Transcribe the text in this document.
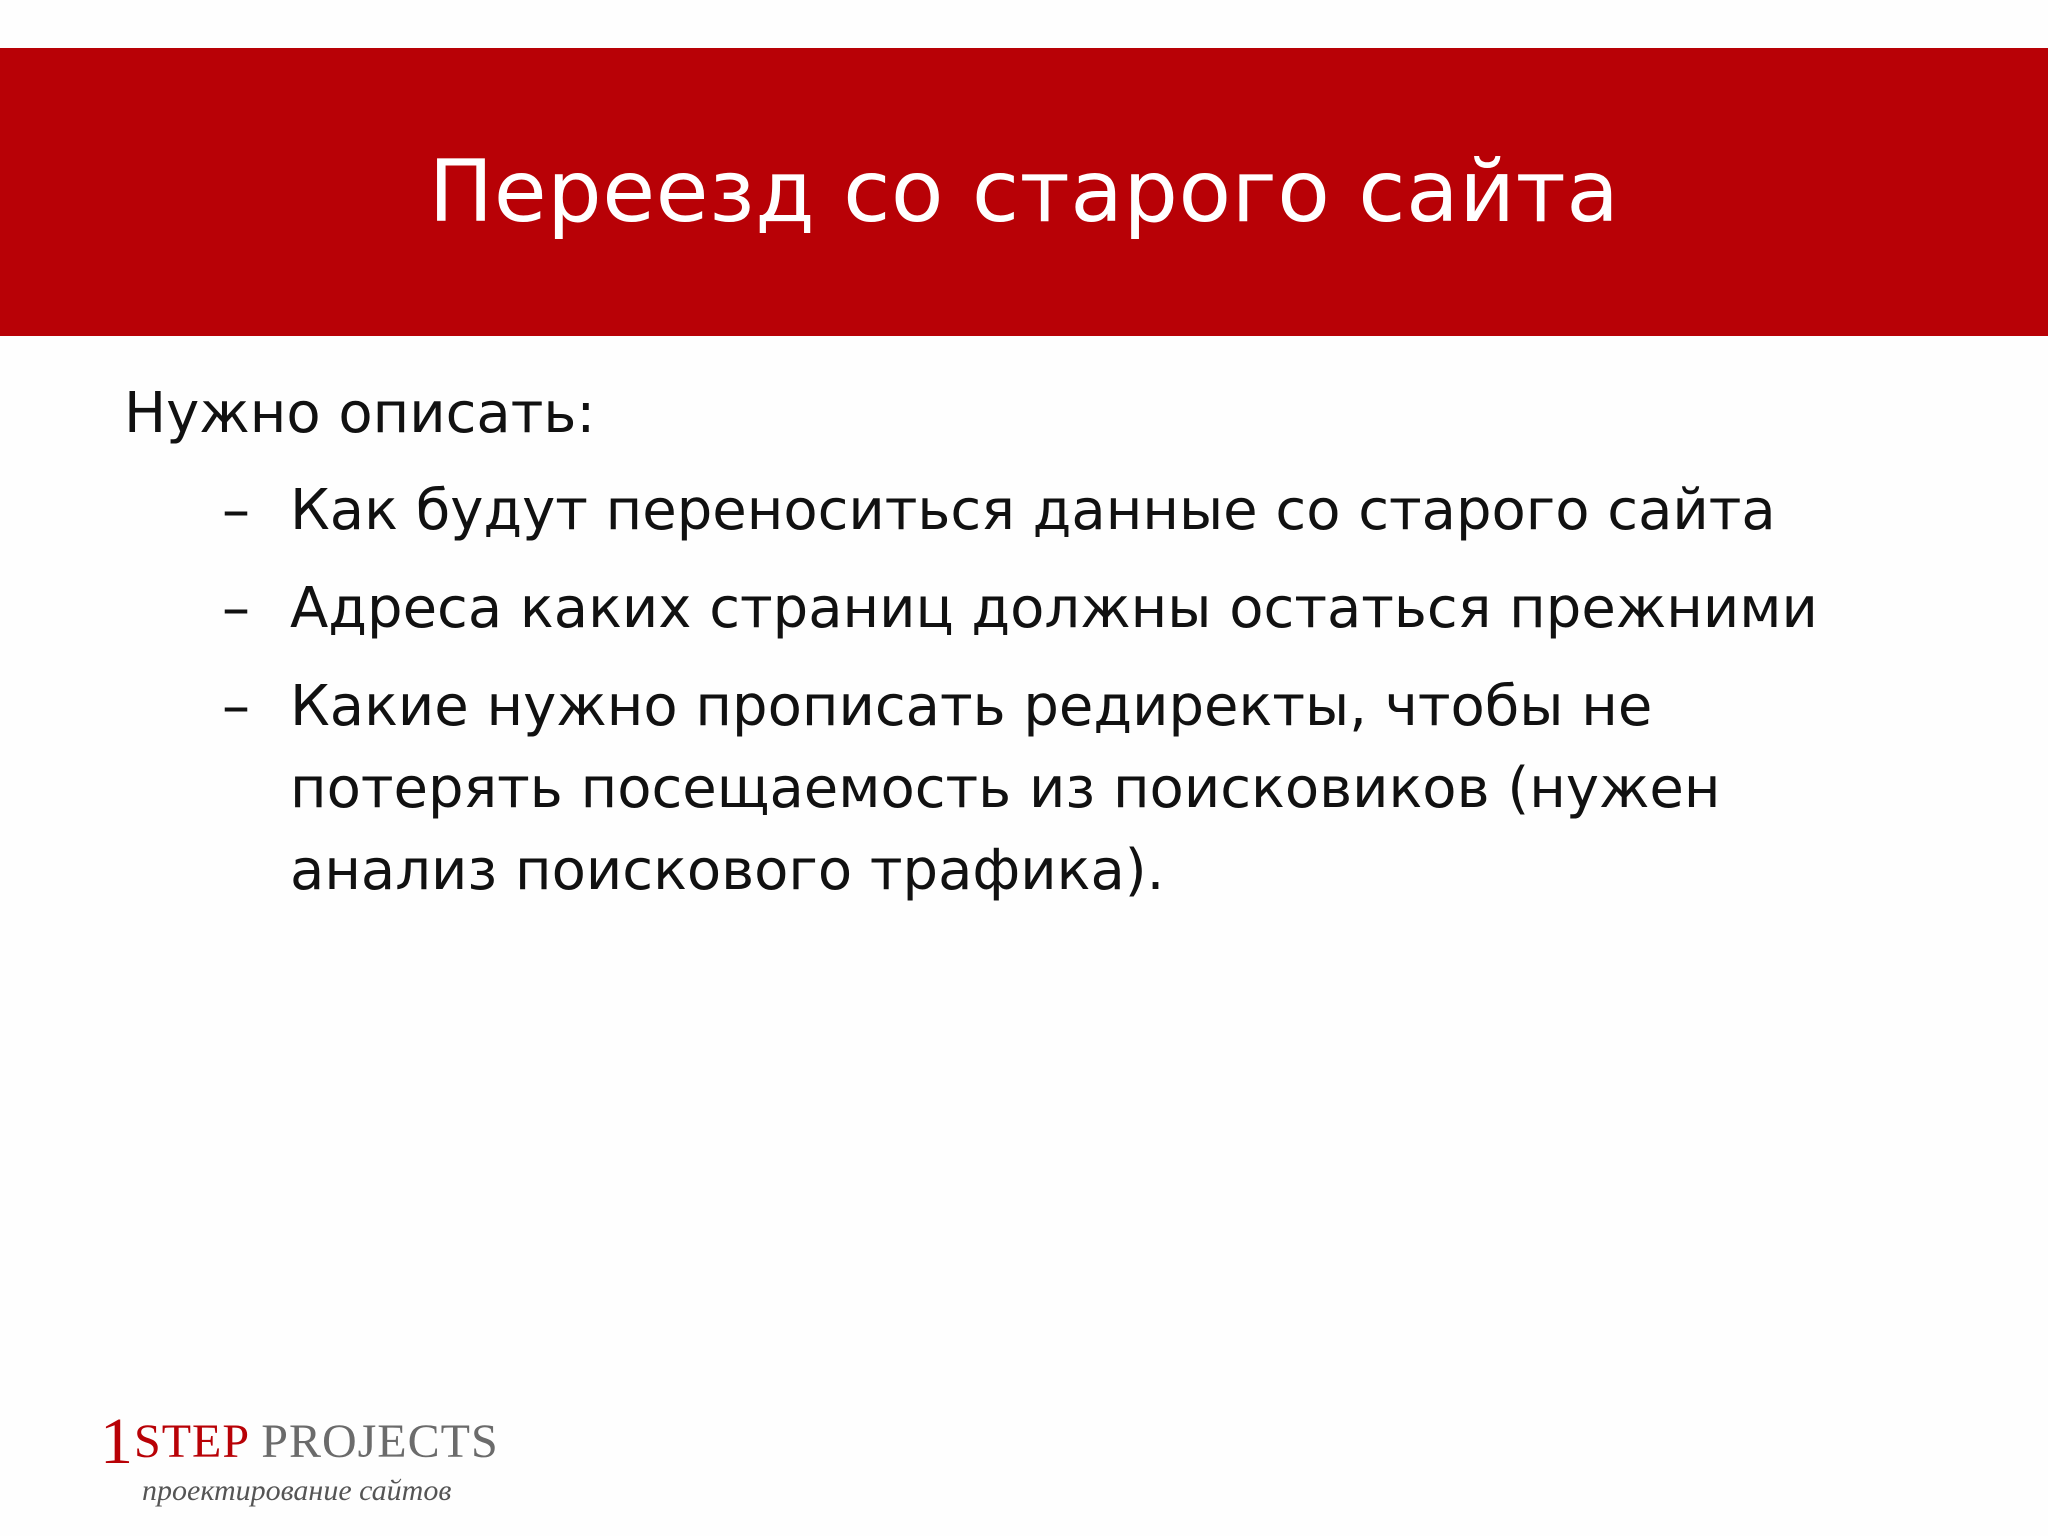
Переезд со старого сайта
Нужно описать:
– Как будут переноситься данные со старого сайта
– Адреса каких страниц должны остаться прежними
– Какие нужно прописать редиректы, чтобы не потерять посещаемость из поисковиков (нужен анализ поискового трафика).
1STEP PROJECTS
проектирование сайтов
